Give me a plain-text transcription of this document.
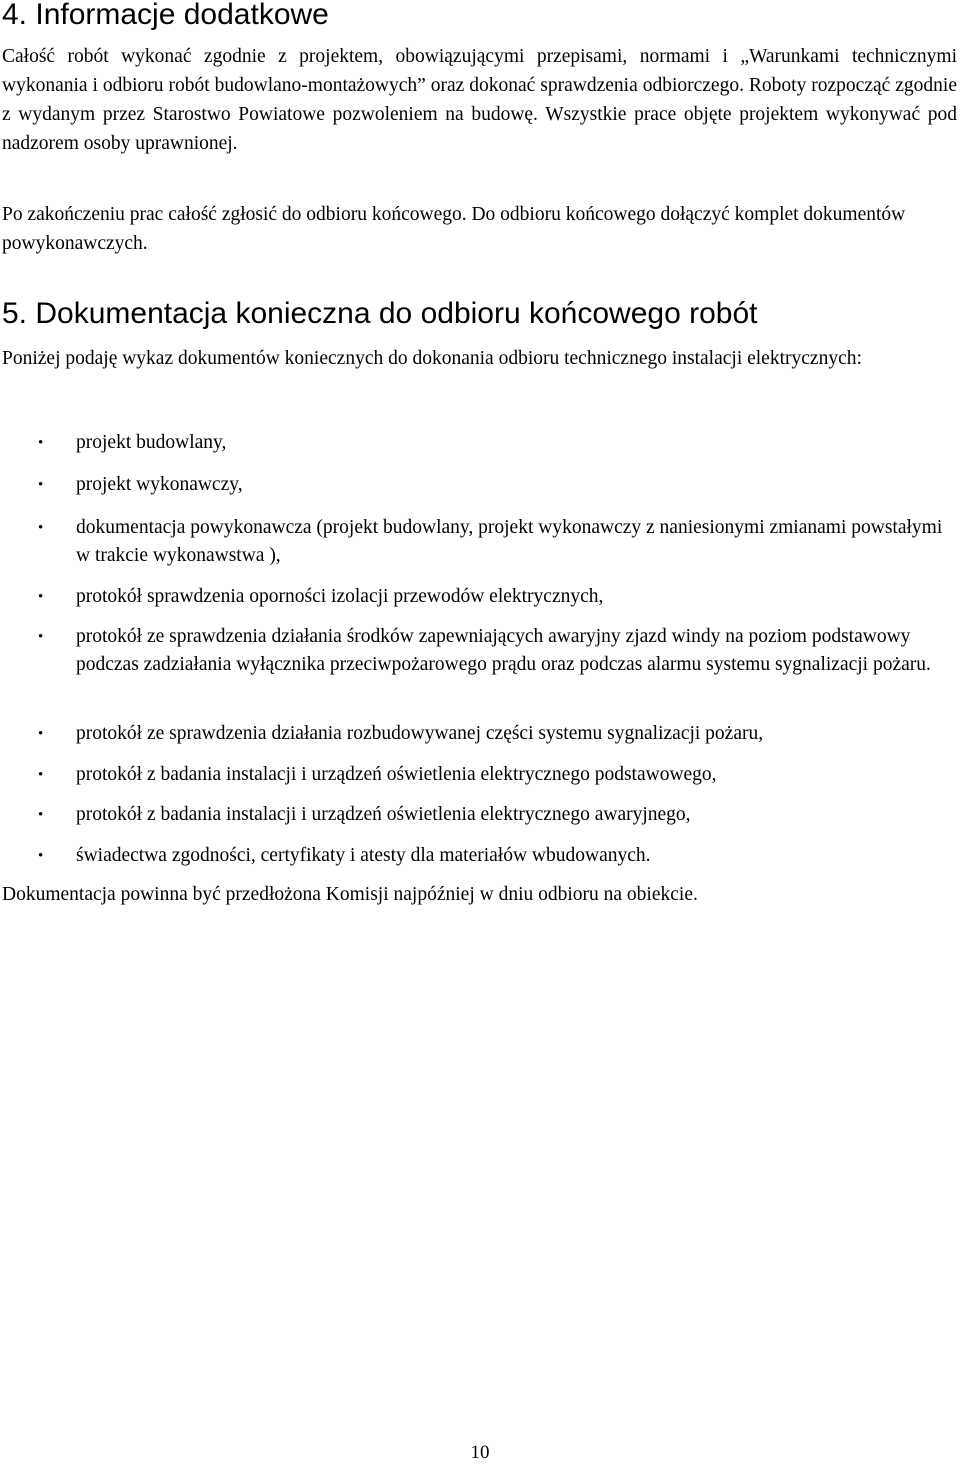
4. Informacje dodatkowe

Całość robót wykonać zgodnie z projektem, obowiązującymi przepisami, normami i „Warunkami technicznymi wykonania i odbioru robót budowlano-montażowych” oraz dokonać sprawdzenia odbiorczego. Roboty rozpocząć zgodnie z wydanym przez Starostwo Powiatowe pozwoleniem na budowę. Wszystkie prace objęte projektem wykonywać pod nadzorem osoby uprawnionej.

Po zakończeniu prac całość zgłosić do odbioru końcowego. Do odbioru końcowego dołączyć komplet dokumentów powykonawczych.

5. Dokumentacja konieczna do odbioru końcowego robót

Poniżej podaję wykaz dokumentów koniecznych do dokonania odbioru technicznego instalacji elektrycznych:

• projekt budowlany,
• projekt wykonawczy,
• dokumentacja powykonawcza (projekt budowlany, projekt wykonawczy z naniesionymi zmianami powstałymi w trakcie wykonawstwa ),
• protokół sprawdzenia oporności izolacji przewodów elektrycznych,
• protokół ze sprawdzenia działania środków zapewniających awaryjny zjazd windy na poziom podstawowy podczas zadziałania wyłącznika przeciwpożarowego prądu oraz podczas alarmu systemu sygnalizacji pożaru.
• protokół ze sprawdzenia działania rozbudowywanej części systemu sygnalizacji pożaru,
• protokół z badania instalacji i urządzeń oświetlenia elektrycznego podstawowego,
• protokół z badania instalacji i urządzeń oświetlenia elektrycznego awaryjnego,
• świadectwa zgodności, certyfikaty i atesty dla materiałów wbudowanych.

Dokumentacja powinna być przedłożona Komisji najpóźniej w dniu odbioru na obiekcie.

10
